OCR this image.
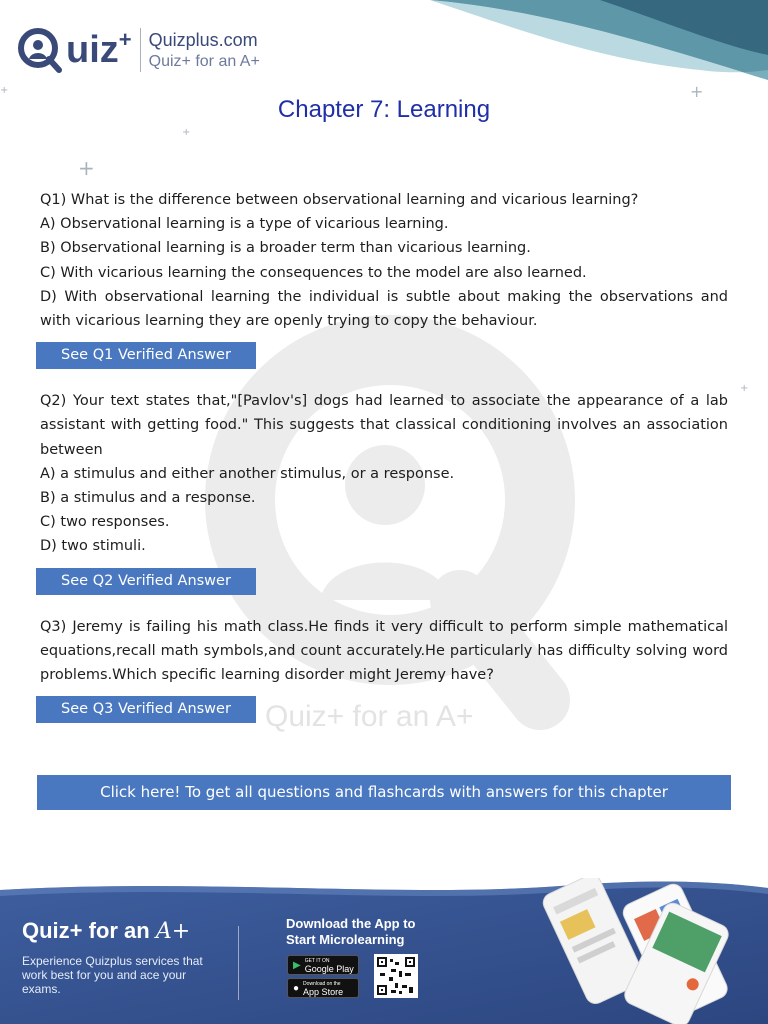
Quiz+ for an A+
+
+
+
+
+
uiz+ Quizplus.com
Quiz+ for an A+
Chapter 7: Learning
Q1) What is the difference between observational learning and vicarious learning?
A) Observational learning is a type of vicarious learning.
B) Observational learning is a broader term than vicarious learning.
C) With vicarious learning the consequences to the model are also learned.
D) With observational learning the individual is subtle about making the observations and with vicarious learning they are openly trying to copy the behaviour.
See Q1 Verified Answer
Q2) Your text states that,"[Pavlov's] dogs had learned to associate the appearance of a lab assistant with getting food." This suggests that classical conditioning involves an association between
A) a stimulus and either another stimulus, or a response.
B) a stimulus and a response.
C) two responses.
D) two stimuli.
See Q2 Verified Answer
Q3) Jeremy is failing his math class.He finds it very difficult to perform simple mathematical equations,recall math symbols,and count accurately.He particularly has difficulty solving word problems.Which specific learning disorder might Jeremy have?
See Q3 Verified Answer
Click here! To get all questions and flashcards with answers for this chapter
Quiz+ for an A+
Experience Quizplus services that work best for you and ace your exams.
Download the App to
Start Microlearning
▶ GET IT ON
Google Play
● Download on the
App Store
